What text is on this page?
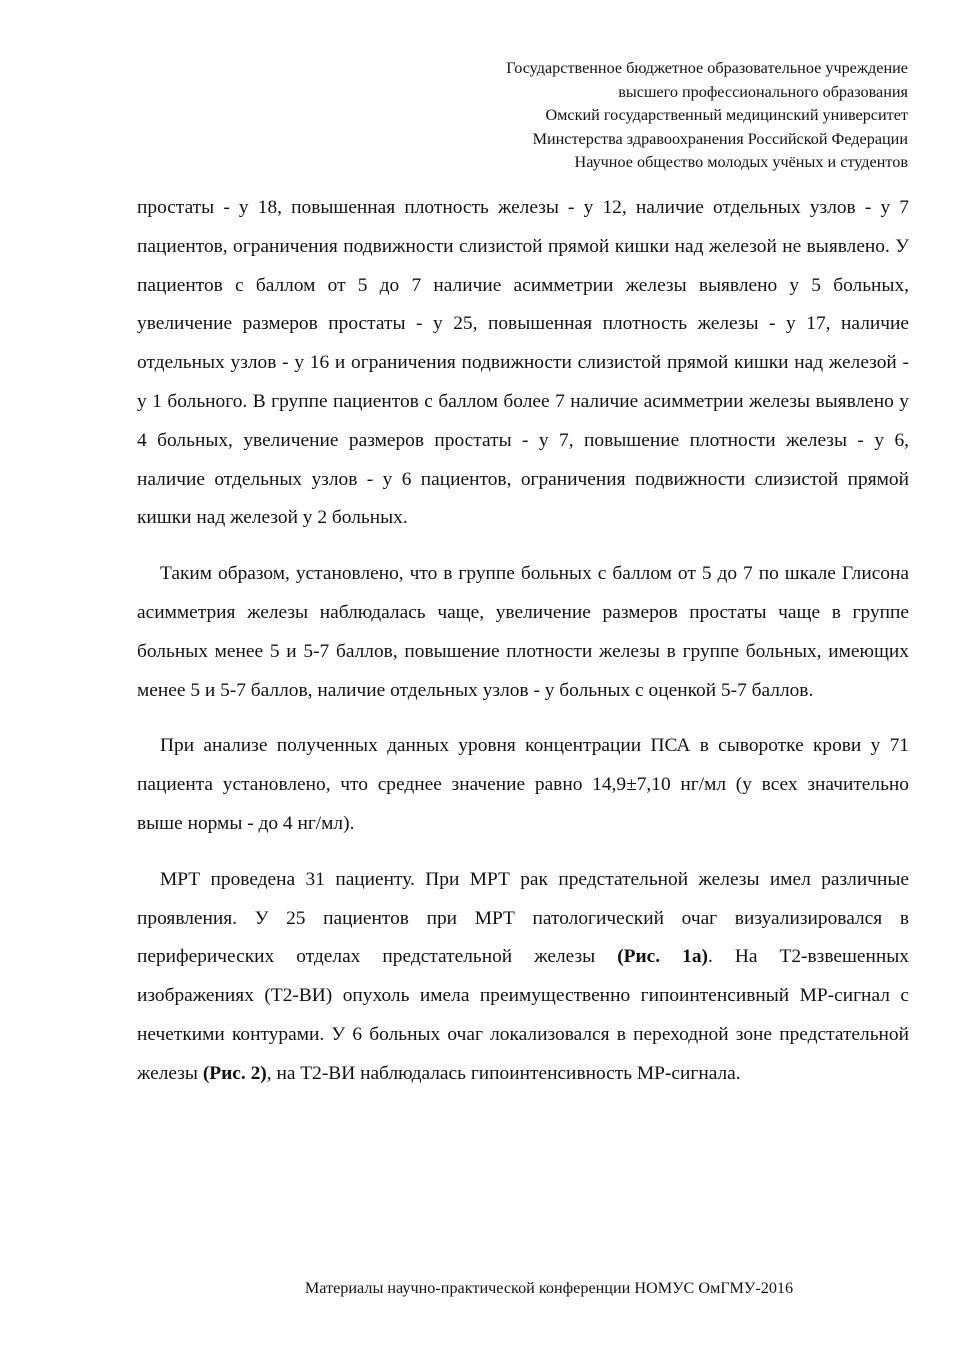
Государственное бюджетное образовательное учреждение
высшего профессионального образования
Омский государственный медицинский университет
Минстерства здравоохранения Российской Федерации
Научное общество молодых учёных и студентов

простаты - у 18, повышенная плотность железы - у 12, наличие отдельных узлов - у 7 пациентов, ограничения подвижности слизистой прямой кишки над железой не выявлено. У пациентов с баллом от 5 до 7 наличие асимметрии железы выявлено у 5 больных, увеличение размеров простаты - у 25, повышенная плотность железы - у 17, наличие отдельных узлов - у 16 и ограничения подвижности слизистой прямой кишки над железой - у 1 больного. В группе пациентов с баллом более 7 наличие асимметрии железы выявлено у 4 больных, увеличение размеров простаты - у 7, повышение плотности железы - у 6, наличие отдельных узлов - у 6 пациентов, ограничения подвижности слизистой прямой кишки над железой у 2 больных.

Таким образом, установлено, что в группе больных с баллом от 5 до 7 по шкале Глисона асимметрия железы наблюдалась чаще, увеличение размеров простаты чаще в группе больных менее 5 и 5-7 баллов, повышение плотности железы в группе больных, имеющих менее 5 и 5-7 баллов, наличие отдельных узлов - у больных с оценкой 5-7 баллов.

При анализе полученных данных уровня концентрации ПСА в сыворотке крови у 71 пациента установлено, что среднее значение равно 14,9±7,10 нг/мл (у всех значительно выше нормы - до 4 нг/мл).

МРТ проведена 31 пациенту. При МРТ рак предстательной железы имел различные проявления. У 25 пациентов при МРТ патологический очаг визуализировался в периферических отделах предстательной железы (Рис. 1а). На Т2-взвешенных изображениях (Т2-ВИ) опухоль имела преимущественно гипоинтенсивный МР-сигнал с нечеткими контурами. У 6 больных очаг локализовался в переходной зоне предстательной железы (Рис. 2), на Т2-ВИ наблюдалась гипоинтенсивность МР-сигнала.

Материалы научно-практической конференции НОМУС ОмГМУ-2016
